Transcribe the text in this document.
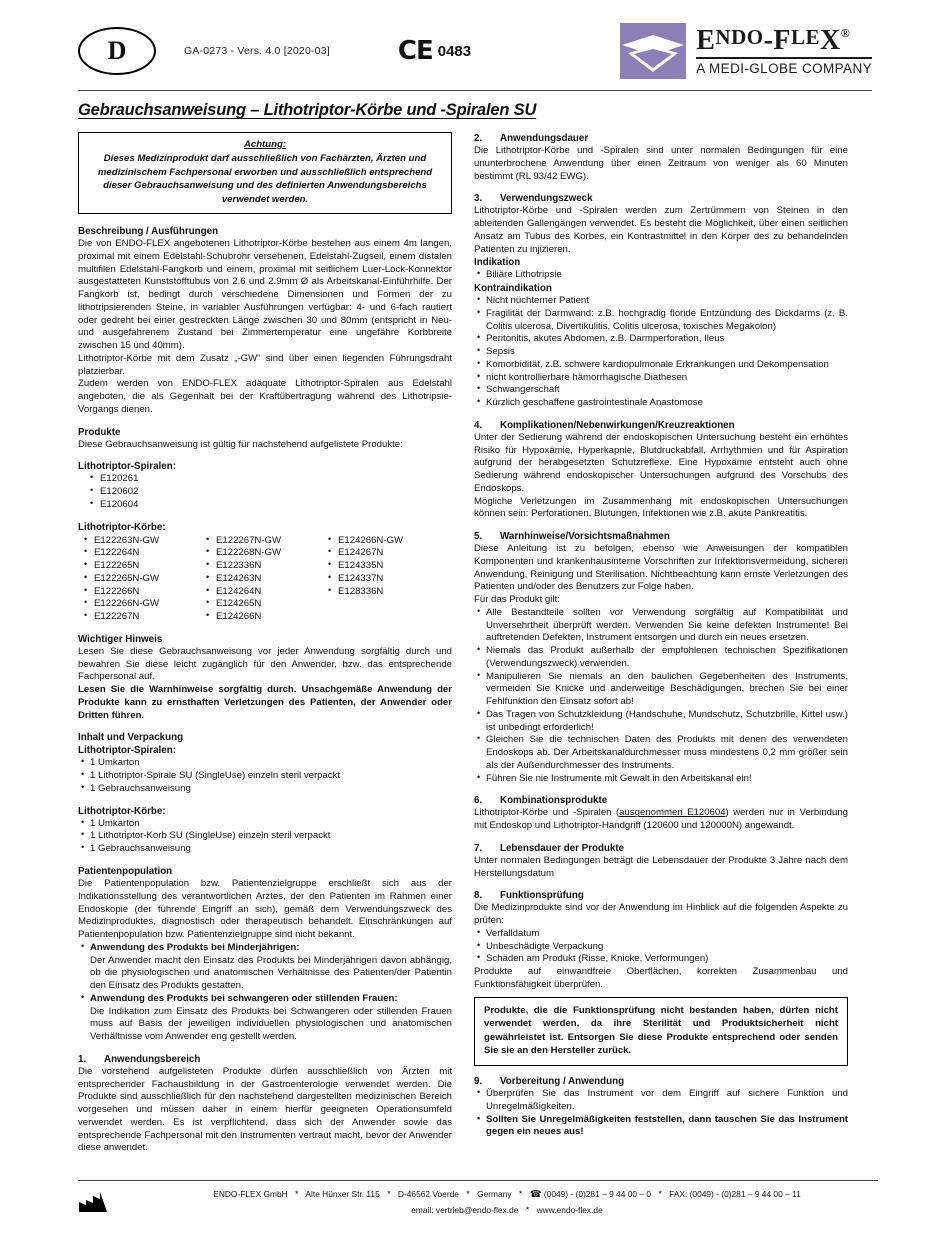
D	GA-0273 - Vers. 4.0 [2020-03]	CE 0483	E NDO -F LE X ®
A MEDI-GLOBE COMPANY
Gebrauchsanweisung – Lithotriptor-Körbe und -Spiralen SU
Achtung:
Dieses Medizinprodukt darf ausschließlich von Fachärzten, Ärzten und medizinischem Fachpersonal erworben und ausschließlich entsprechend dieser Gebrauchsanweisung und des definierten Anwendungsbereichs verwendet werden.
Beschreibung / Ausführungen

Die von ENDO-FLEX angebotenen Lithotriptor-Körbe bestehen aus einem 4m langen, proximal mit einem Edelstahl-Schubrohr versehenen, Edelstahl-Zugseil, einem distalen multifilen Edelstahl-Fangkorb und einem, proximal mit seitlichem Luer-Lock-Konnektor ausgestatteten Kunststofftubus von 2.6 und 2.9mm Ø als Arbeitskanal-Einführhilfe. Der Fangkorb ist, bedingt durch verschiedene Dimensionen und Formen der zu lithotripsierenden Steine, in variabler Ausführungen verfügbar: 4- und 6-fach rautiert oder gedreht bei einer gestreckten Länge zwischen 30 und 80mm (entspricht in Neu- und ausgefahrenem Zustand bei Zimmertemperatur eine ungefähre Korbbreite zwischen 15 und 40mm).

Lithotriptor-Körbe mit dem Zusatz „-GW“ sind über einen liegenden Führungsdraht platzierbar.

Zudem werden von ENDO-FLEX adäquate Lithotriptor-Spiralen aus Edelstahl angeboten, die als Gegenhalt bei der Kraftübertragung während des Lithotripsie-Vorgangs dienen.

Produkte

Diese Gebrauchsanweisung ist gültig für nachstehend aufgelistete Produkte:

Lithotriptor-Spiralen:
• E120261
• E120602
• E120604
Lithotriptor-Körbe:
• E122263N-GW
• E122264N
• E122265N
• E122265N-GW
• E122266N
• E122266N-GW
• E122267N
• E122267N-GW
• E122268N-GW
• E122336N
• E124263N
• E124264N
• E124265N
• E124266N
• E124266N-GW
• E124267N
• E124335N
• E124337N
• E128336N
Wichtiger Hinweis

Lesen Sie diese Gebrauchsanweisung vor jeder Anwendung sorgfältig durch und bewahren Sie diese leicht zugänglich für den Anwender, bzw. das entsprechende Fachpersonal auf.

Lesen Sie die Warnhinweise sorgfältig durch. Unsachgemäße Anwendung der Produkte kann zu ernsthaften Verletzungen des Patienten, der Anwender oder Dritten führen.

Inhalt und Verpackung
Lithotriptor-Spiralen:
• 1 Umkarton
• 1 Lithotriptor-Spirale SU (SingleUse) einzeln steril verpackt
• 1 Gebrauchsanweisung
Lithotriptor-Körbe:
• 1 Umkarton
• 1 Lithotriptor-Korb SU (SingleUse) einzeln steril verpackt
• 1 Gebrauchsanweisung
Patientenpopulation

Die Patientenpopulation bzw. Patientenzielgruppe erschließt sich aus der Indikationsstellung des verantwortlichen Arztes, der den Patienten im Rahmen einer Endoskopie (der führende Eingriff an sich), gemäß dem Verwendungszweck des Medizinproduktes, diagnostisch oder therapeutisch behandelt. Einschränkungen auf Patientenpopulation bzw. Patientenzielgruppe sind nicht bekannt.

• Anwendung des Produkts bei Minderjährigen:
Der Anwender macht den Einsatz des Produkts bei Minderjährigen davon abhängig, ob die physiologischen und anatomischen Verhältnisse des Patienten/der Patientin den Einsatz des Produkts gestatten.
• Anwendung des Produkts bei schwangeren oder stillenden Frauen:
Die Indikation zum Einsatz des Produkts bei Schwangeren oder stillenden Frauen muss auf Basis der jeweiligen individuellen physiologischen und anatomischen Verhältnisse vom Anwender eng gestellt werden.
1.	Anwendungsbereich

Die vorstehend aufgelisteten Produkte dürfen ausschließlich von Ärzten mit entsprechender Fachausbildung in der Gastroenterologie verwendet werden. Die Produkte sind ausschließlich für den nachstehend dargestellten medizinischen Bereich vorgesehen und müssen daher in einem hierfür geeigneten Operationsumfeld verwendet werden. Es ist verpflichtend, dass sich der Anwender sowie das entsprechende Fachpersonal mit den Instrumenten vertraut macht, bevor der Anwender diese anwendet.

2.	Anwendungsdauer

Die Lithotriptor-Körbe und -Spiralen sind unter normalen Bedingungen für eine ununterbrochene Anwendung über einen Zeitraum von weniger als 60 Minuten bestimmt (RL 93/42 EWG).

3.	Verwendungszweck

Lithotriptor-Körbe und -Spiralen werden zum Zertrümmern von Steinen in den ableitenden Gallengängen verwendet. Es besteht die Möglichkeit, über einen seitlichen Ansatz am Tubus des Korbes, ein Kontrastmittel in den Körper des zu behandelnden Patienten zu injizieren.

Indikation
• Biliäre Lithotripsie
Kontraindikation
• Nicht nüchterner Patient
• Fragilität der Darmwand: z.B. hochgradig floride Entzündung des Dickdarms (z. B. Colitis ulcerosa, Divertikulitis, Colitis ulcerosa, toxisches Megakolon)
• Peritonitis, akutes Abdomen, z.B. Darmperforation, Ileus
• Sepsis
• Komorbidität, z.B. schwere kardiopulmonale Erkrankungen und Dekompensation
• nicht kontrollierbare hämorrhagische Diathesen
• Schwangerschaft
• Kürzlich geschaffene gastrointestinale Anastomose
4.	Komplikationen/Nebenwirkungen/Kreuzreaktionen

Unter der Sedierung während der endoskopischen Untersuchung besteht ein erhöhtes Risiko für Hypoxämie, Hyperkapnie, Blutdruckabfall, Arrhythmien und für Aspiration aufgrund der herabgesetzten Schutzreflexe. Eine Hypoxämie entsteht auch ohne Sedierung während endoskopischer Untersuchungen aufgrund des Vorschubs des Endoskops.

Mögliche Verletzungen im Zusammenhang mit endoskopischen Untersuchungen können sein: Perforationen, Blutungen, Infektionen wie z.B. akute Pankreatitis.

5.	Warnhinweise/Vorsichtsmaßnahmen

Diese Anleitung ist zu befolgen, ebenso wie Anweisungen der kompatiblen Komponenten und krankenhausinterne Vorschriften zur Infektionsvermeidung, sicheren Anwendung, Reinigung und Sterilisation. Nichtbeachtung kann ernste Verletzungen des Patienten und/oder des Benutzers zur Folge haben.

Für das Produkt gilt:

• Alle Bestandteile sollten vor Verwendung sorgfältig auf Kompatibilität und Unversehrtheit überprüft werden. Verwenden Sie keine defekten Instrumente! Bei auftretenden Defekten, Instrument entsorgen und durch ein neues ersetzen.
• Niemals das Produkt außerhalb der empfohlenen technischen Spezifikationen (Verwendungszweck) verwenden.
• Manipulieren Sie niemals an den baulichen Gegebenheiten des Instruments, vermeiden Sie Knicke und anderweitige Beschädigungen, brechen Sie bei einer Fehlfunktion den Einsatz sofort ab!
• Das Tragen von Schutzkleidung (Handschuhe, Mundschutz, Schutzbrille, Kittel usw.) ist unbedingt erforderlich!
• Gleichen Sie die technischen Daten des Produkts mit denen des verwendeten Endoskops ab. Der Arbeitskanaldurchmesser muss mindestens 0,2 mm größer sein als der Außendurchmesser des Instruments.
• Führen Sie nie Instrumente mit Gewalt in den Arbeitskanal ein!
6.	Kombinationsprodukte

Lithotriptor-Körbe und -Spiralen (ausgenommen E120604) werden nur in Verbindung mit Endoskop und Lithotriptor-Handgriff (120600 und 120000N) angewandt.

7.	Lebensdauer der Produkte

Unter normalen Bedingungen beträgt die Lebensdauer der Produkte 3 Jahre nach dem Herstellungsdatum

8.	Funktionsprüfung

Die Medizinprodukte sind vor der Anwendung im Hinblick auf die folgenden Aspekte zu prüfen:

• Verfalldatum
• Unbeschädigte Verpackung
• Schäden am Produkt (Risse, Knicke, Verformungen)

Produkte auf einwandfreie Oberflächen, korrekten Zusammenbau und Funktionsfähigkeit überprüfen.

Produkte, die die Funktionsprüfung nicht bestanden haben, dürfen nicht verwendet werden, da ihre Sterilität und Produktsicherheit nicht gewährleistet ist. Entsorgen Sie diese Produkte entsprechend oder senden Sie sie an den Hersteller zurück.
9.	Vorbereitung / Anwendung
• Überprüfen Sie das Instrument vor dem Eingriff auf sichere Funktion und Unregelmäßigkeiten.
• Sollten Sie Unregelmäßigkeiten feststellen, dann tauschen Sie das Instrument gegen ein neues aus!
ENDO-FLEX GmbH * Alte Hünxer Str. 115 * D-46562 Voerde * Germany * ☎ (0049) - (0)281 – 9 44 00 – 0 * FAX: (0049) - (0)281 – 9 44 00 – 11
email: vertrieb@endo-flex.de * www.endo-flex.de
